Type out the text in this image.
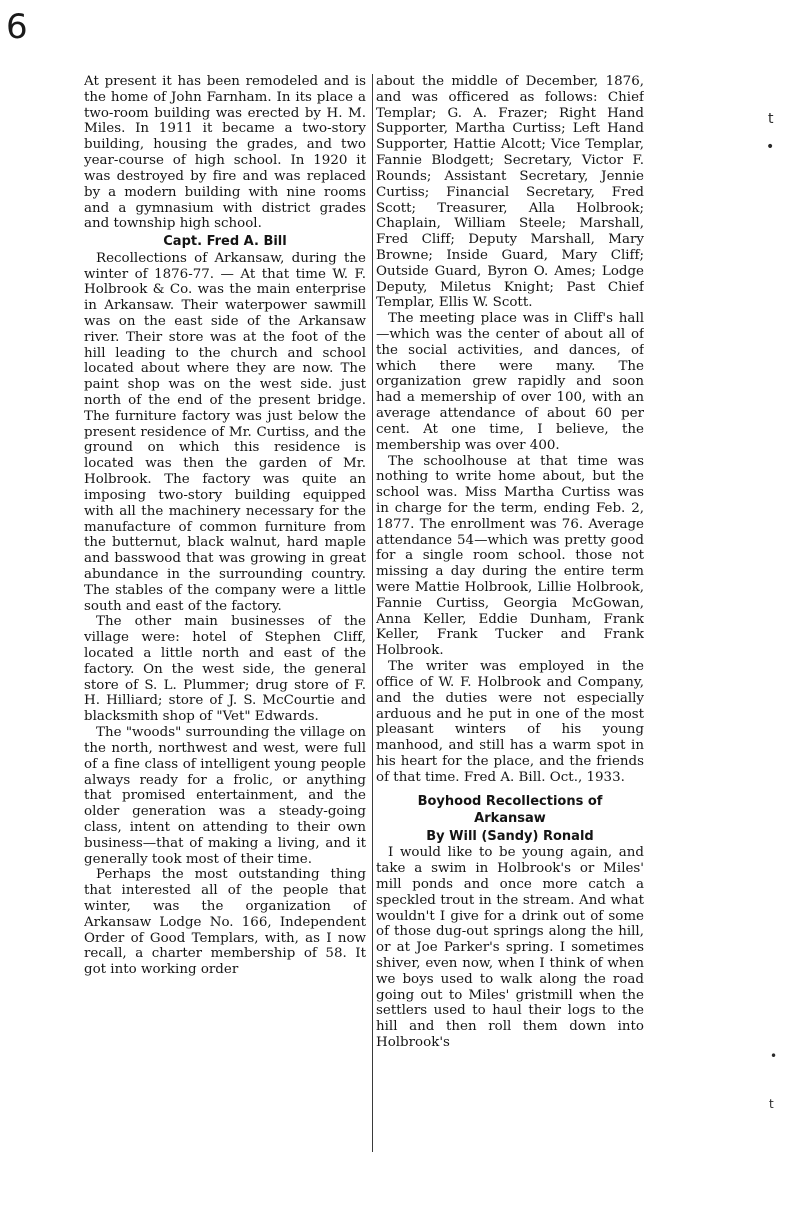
6
t
•
•
t

At present it has been remodeled and is the home of John Farnham. In its place a two-room building was erected by H. M. Miles. In 1911 it became a two-story building, housing the grades, and two year-course of high school. In 1920 it was destroyed by fire and was replaced by a modern building with nine rooms and a gymnasium with district grades and township high school.

Capt. Fred A. Bill

Recollections of Arkansaw, during the winter of 1876-77. — At that time W. F. Holbrook & Co. was the main enterprise in Arkansaw. Their waterpower sawmill was on the east side of the Arkansaw river. Their store was at the foot of the hill leading to the church and school located about where they are now. The paint shop was on the west side. just north of the end of the present bridge. The furniture factory was just below the present residence of Mr. Curtiss, and the ground on which this residence is located was then the garden of Mr. Holbrook. The factory was quite an imposing two-story building equipped with all the machinery necessary for the manufacture of common furniture from the butternut, black walnut, hard maple and basswood that was growing in great abundance in the surrounding country. The stables of the company were a little south and east of the factory.

The other main businesses of the village were: hotel of Stephen Cliff, located a little north and east of the factory. On the west side, the general store of S. L. Plummer; drug store of F. H. Hilliard; store of J. S. McCourtie and blacksmith shop of "Vet" Edwards.

The "woods" surrounding the village on the north, northwest and west, were full of a fine class of intelligent young people always ready for a frolic, or anything that promised entertainment, and the older generation was a steady-going class, intent on attending to their own business—that of making a living, and it generally took most of their time.

Perhaps the most outstanding thing that interested all of the people that winter, was the organization of Arkansaw Lodge No. 166, Independent Order of Good Templars, with, as I now recall, a charter membership of 58. It got into working order

about the middle of December, 1876, and was officered as follows: Chief Templar; G. A. Frazer; Right Hand Supporter, Martha Curtiss; Left Hand Supporter, Hattie Alcott; Vice Templar, Fannie Blodgett; Secretary, Victor F. Rounds; Assistant Secretary, Jennie Curtiss; Financial Secretary, Fred Scott; Treasurer, Alla Holbrook; Chaplain, William Steele; Marshall, Fred Cliff; Deputy Marshall, Mary Browne; Inside Guard, Mary Cliff; Outside Guard, Byron O. Ames; Lodge Deputy, Miletus Knight; Past Chief Templar, Ellis W. Scott.

The meeting place was in Cliff's hall—which was the center of about all of the social activities, and dances, of which there were many. The organization grew rapidly and soon had a memership of over 100, with an average attendance of about 60 per cent. At one time, I believe, the membership was over 400.

The schoolhouse at that time was nothing to write home about, but the school was. Miss Martha Curtiss was in charge for the term, ending Feb. 2, 1877. The enrollment was 76. Average attendance 54—which was pretty good for a single room school. those not missing a day during the entire term were Mattie Holbrook, Lillie Holbrook, Fannie Curtiss, Georgia McGowan, Anna Keller, Eddie Dunham, Frank Keller, Frank Tucker and Frank Holbrook.

The writer was employed in the office of W. F. Holbrook and Company, and the duties were not especially arduous and he put in one of the most pleasant winters of his young manhood, and still has a warm spot in his heart for the place, and the friends of that time. Fred A. Bill. Oct., 1933.

Boyhood Recollections of
Arkansaw
By Will (Sandy) Ronald

I would like to be young again, and take a swim in Holbrook's or Miles' mill ponds and once more catch a speckled trout in the stream. And what wouldn't I give for a drink out of some of those dug-out springs along the hill, or at Joe Parker's spring. I sometimes shiver, even now, when I think of when we boys used to walk along the road going out to Miles' gristmill when the settlers used to haul their logs to the hill and then roll them down into Holbrook's
